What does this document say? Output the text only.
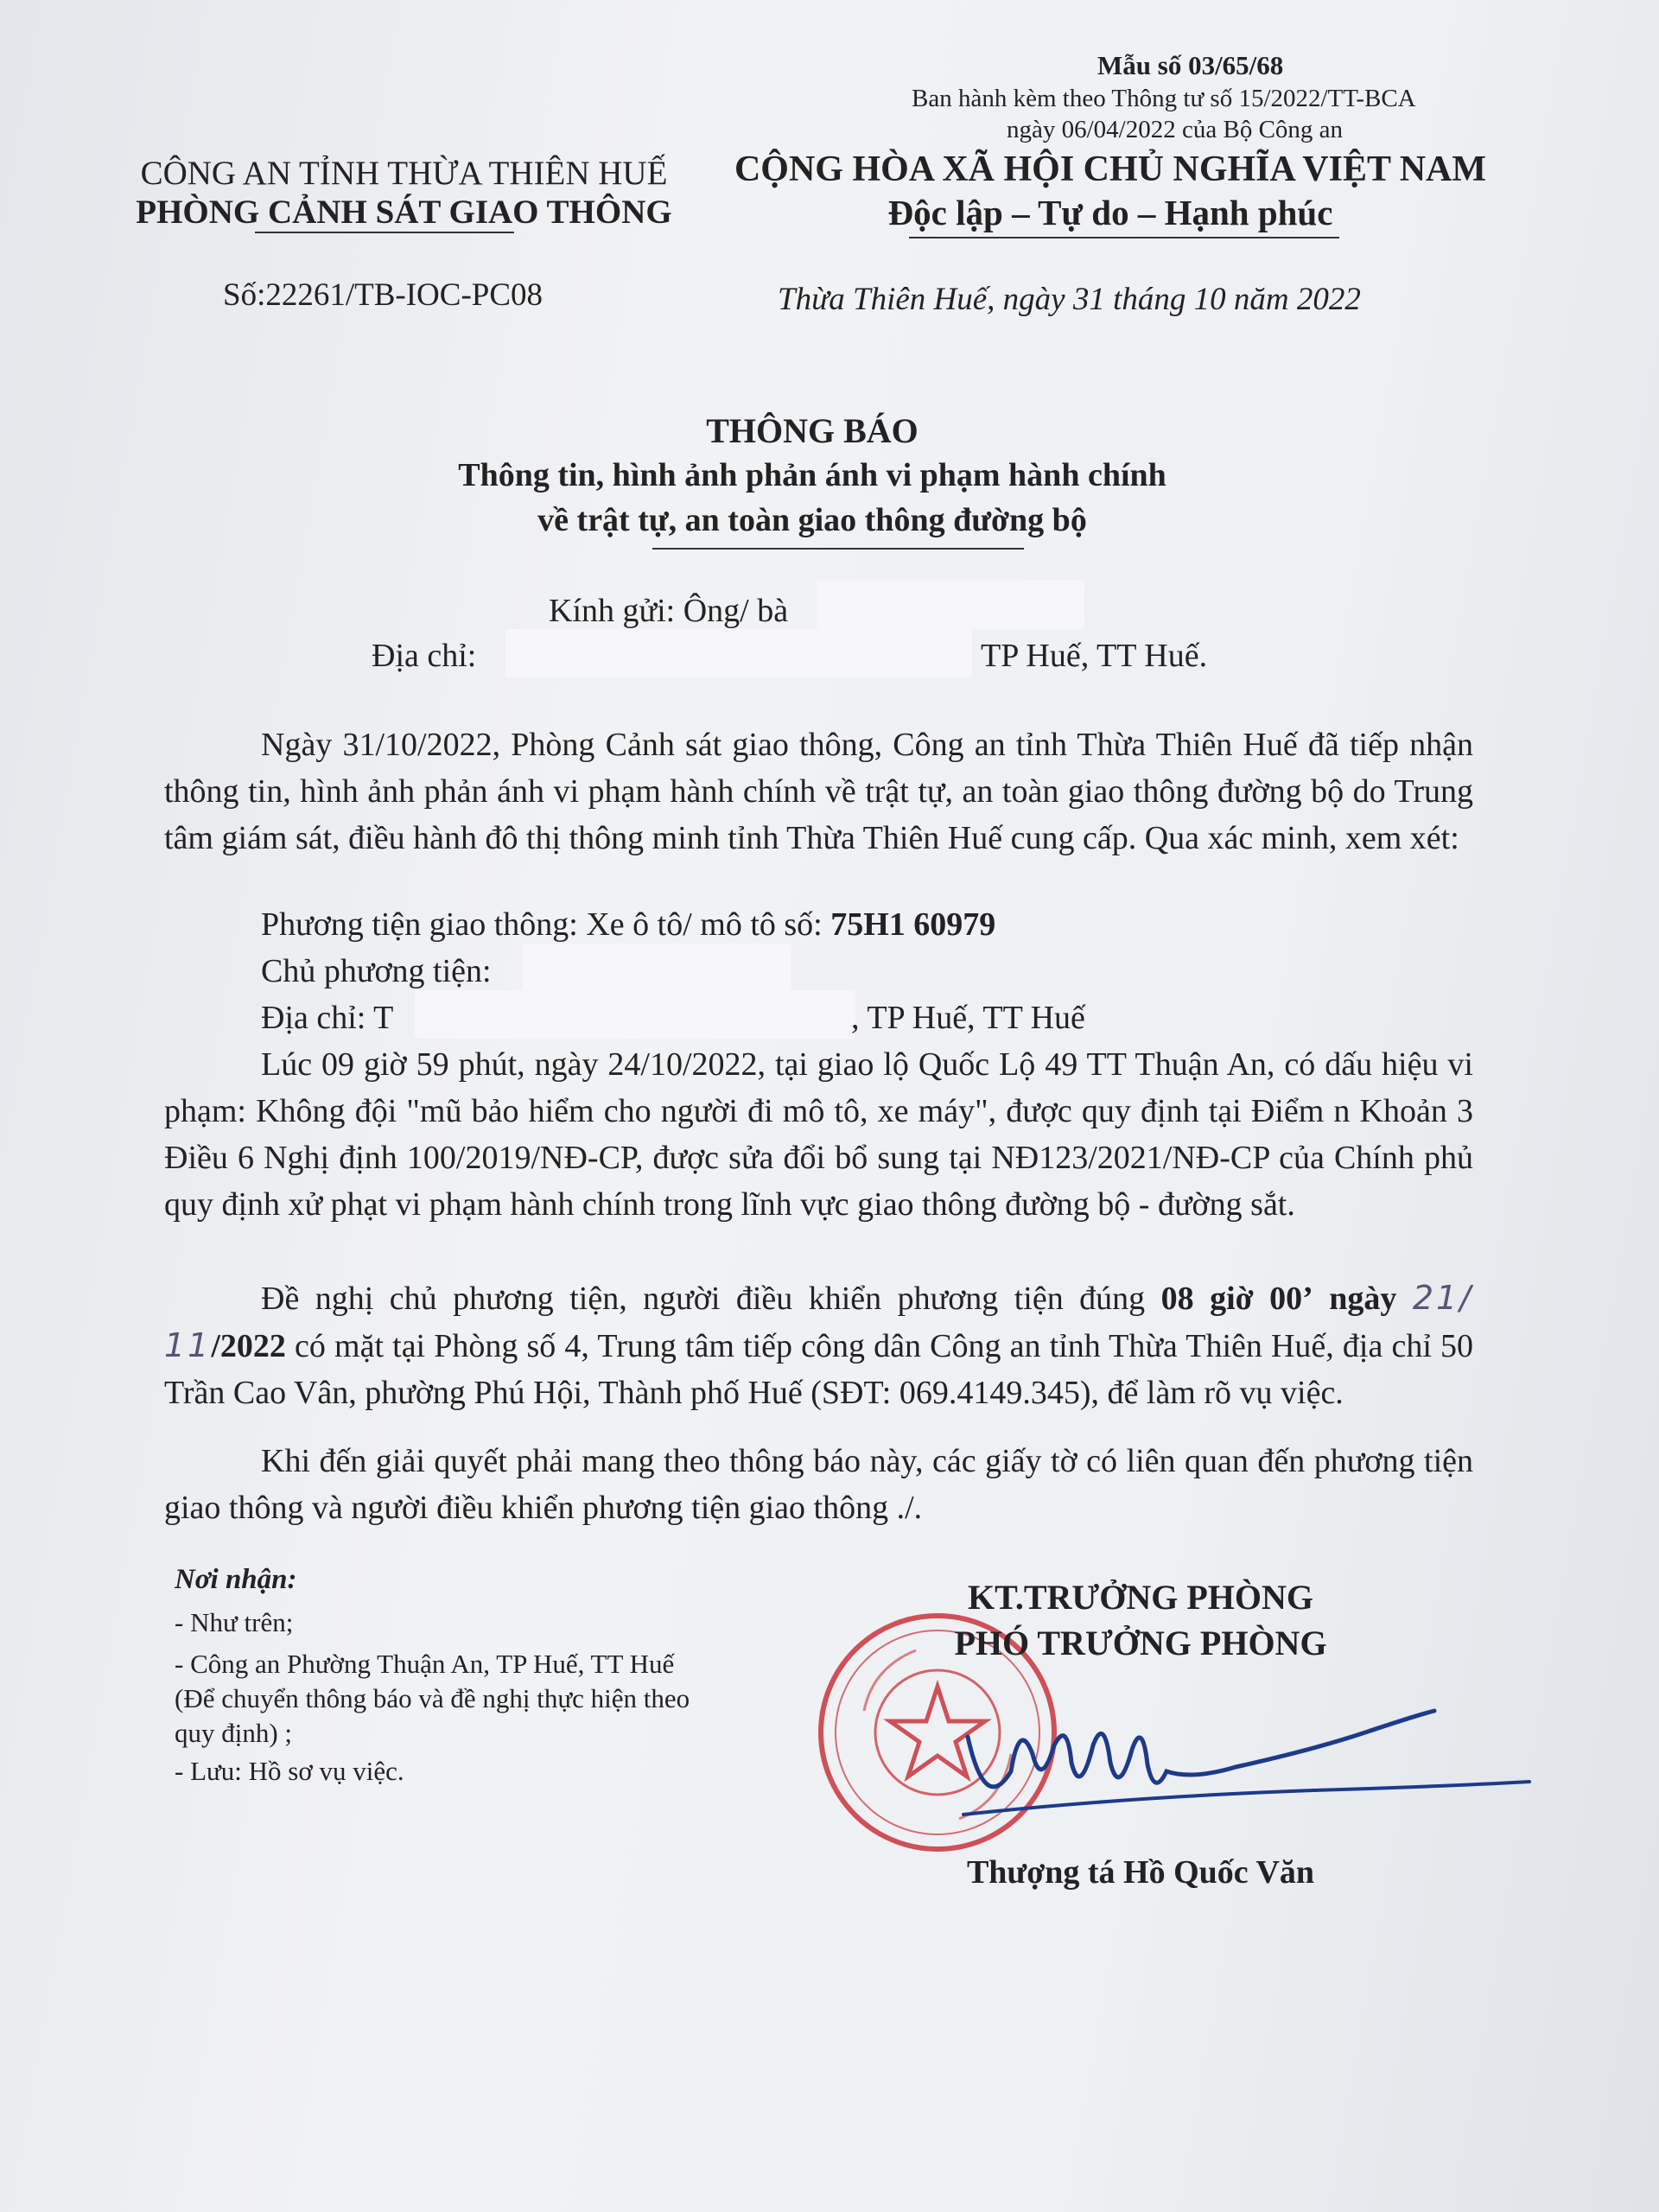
Mẫu số 03/65/68
Ban hành kèm theo Thông tư số 15/2022/TT-BCA
ngày 06/04/2022 của Bộ Công an
CÔNG AN TỈNH THỪA THIÊN HUẾ
PHÒNG CẢNH SÁT GIAO THÔNG
CỘNG HÒA XÃ HỘI CHỦ NGHĨA VIỆT NAM
Độc lập – Tự do – Hạnh phúc
Số:22261/TB-IOC-PC08	Thừa Thiên Huế, ngày 31 tháng 10 năm 2022
THÔNG BÁO
Thông tin, hình ảnh phản ánh vi phạm hành chính
về trật tự, an toàn giao thông đường bộ
Kính gửi: Ông/ bà
Địa chỉ:	TP Huế, TT Huế.
Ngày 31/10/2022, Phòng Cảnh sát giao thông, Công an tỉnh Thừa Thiên Huế đã tiếp nhận thông tin, hình ảnh phản ánh vi phạm hành chính về trật tự, an toàn giao thông đường bộ do Trung tâm giám sát, điều hành đô thị thông minh tỉnh Thừa Thiên Huế cung cấp. Qua xác minh, xem xét:
Phương tiện giao thông: Xe ô tô/ mô tô số: 75H1 60979
Chủ phương tiện:
Địa chỉ: T	, TP Huế, TT Huế
Lúc 09 giờ 59 phút, ngày 24/10/2022, tại giao lộ Quốc Lộ 49 TT Thuận An, có dấu hiệu vi phạm: Không đội "mũ bảo hiểm cho người đi mô tô, xe máy", được quy định tại Điểm n Khoản 3 Điều 6 Nghị định 100/2019/NĐ-CP, được sửa đổi bổ sung tại NĐ123/2021/NĐ-CP của Chính phủ quy định xử phạt vi phạm hành chính trong lĩnh vực giao thông đường bộ - đường sắt.
Đề nghị chủ phương tiện, người điều khiển phương tiện đúng 08 giờ 00’ ngày 21/ 11/2022 có mặt tại Phòng số 4, Trung tâm tiếp công dân Công an tỉnh Thừa Thiên Huế, địa chỉ 50 Trần Cao Vân, phường Phú Hội, Thành phố Huế (SĐT: 069.4149.345), để làm rõ vụ việc.
Khi đến giải quyết phải mang theo thông báo này, các giấy tờ có liên quan đến phương tiện giao thông và người điều khiển phương tiện giao thông ./.
Nơi nhận:
- Như trên;
- Công an Phường Thuận An, TP Huế, TT Huế
(Để chuyển thông báo và đề nghị thực hiện theo
quy định) ;
- Lưu: Hồ sơ vụ việc.
KT.TRƯỞNG PHÒNG
PHÓ TRƯỞNG PHÒNG
Thượng tá Hồ Quốc Văn
